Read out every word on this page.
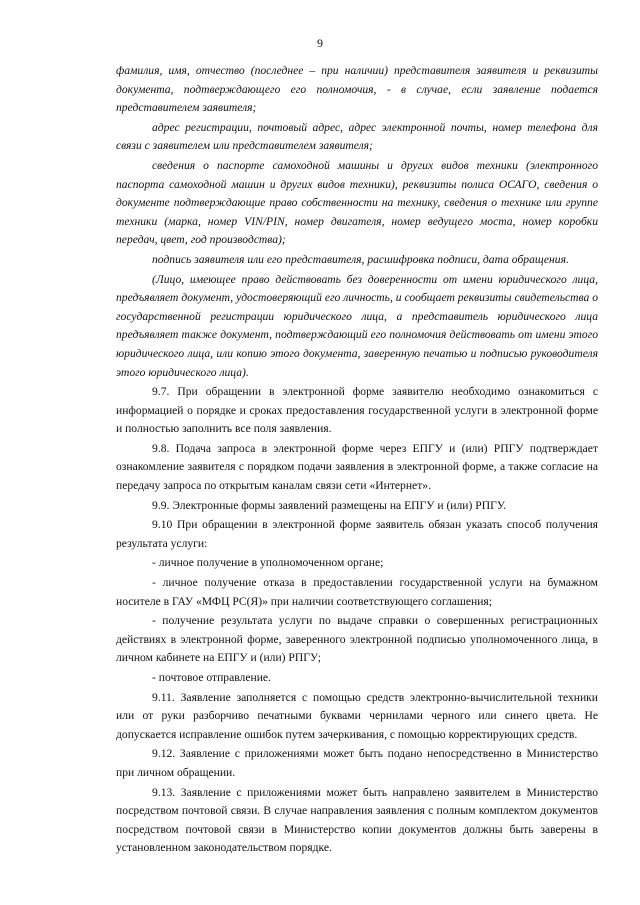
9

фамилия, имя, отчество (последнее – при наличии) представителя заявителя и реквизиты документа, подтверждающего его полномочия, - в случае, если заявление подается представителем заявителя;

адрес регистрации, почтовый адрес, адрес электронной почты, номер телефона для связи с заявителем или представителем заявителя;

сведения о паспорте самоходной машины и других видов техники (электронного паспорта самоходной машин и других видов техники), реквизиты полиса ОСАГО, сведения о документе подтверждающие право собственности на технику, сведения о технике или группе техники (марка, номер VIN/PIN, номер двигателя, номер ведущего моста, номер коробки передач, цвет, год производства);

подпись заявителя или его представителя, расшифровка подписи, дата обращения.

(Лицо, имеющее право действовать без доверенности от имени юридического лица, предъявляет документ, удостоверяющий его личность, и сообщает реквизиты свидетельства о государственной регистрации юридического лица, а представитель юридического лица предъявляет также документ, подтверждающий его полномочия действовать от имени этого юридического лица, или копию этого документа, заверенную печатью и подписью руководителя этого юридического лица).

9.7. При обращении в электронной форме заявителю необходимо ознакомиться с информацией о порядке и сроках предоставления государственной услуги в электронной форме и полностью заполнить все поля заявления.

9.8. Подача запроса в электронной форме через ЕПГУ и (или) РПГУ подтверждает ознакомление заявителя с порядком подачи заявления в электронной форме, а также согласие на передачу запроса по открытым каналам связи сети «Интернет».

9.9. Электронные формы заявлений размещены на ЕПГУ и (или) РПГУ.

9.10 При обращении в электронной форме заявитель обязан указать способ получения результата услуги:

- личное получение в уполномоченном органе;

- личное получение отказа в предоставлении государственной услуги на бумажном носителе в ГАУ «МФЦ РС(Я)» при наличии соответствующего соглашения;

- получение результата услуги по выдаче справки о совершенных регистрационных действиях в электронной форме, заверенного электронной подписью уполномоченного лица, в личном кабинете на ЕПГУ и (или) РПГУ;

- почтовое отправление.

9.11. Заявление заполняется с помощью средств электронно-вычислительной техники или от руки разборчиво печатными буквами чернилами черного или синего цвета. Не допускается исправление ошибок путем зачеркивания, с помощью корректирующих средств.

9.12. Заявление с приложениями может быть подано непосредственно в Министерство при личном обращении.

9.13. Заявление с приложениями может быть направлено заявителем в Министерство посредством почтовой связи. В случае направления заявления с полным комплектом документов посредством почтовой связи в Министерство копии документов должны быть заверены в установленном законодательством порядке.
